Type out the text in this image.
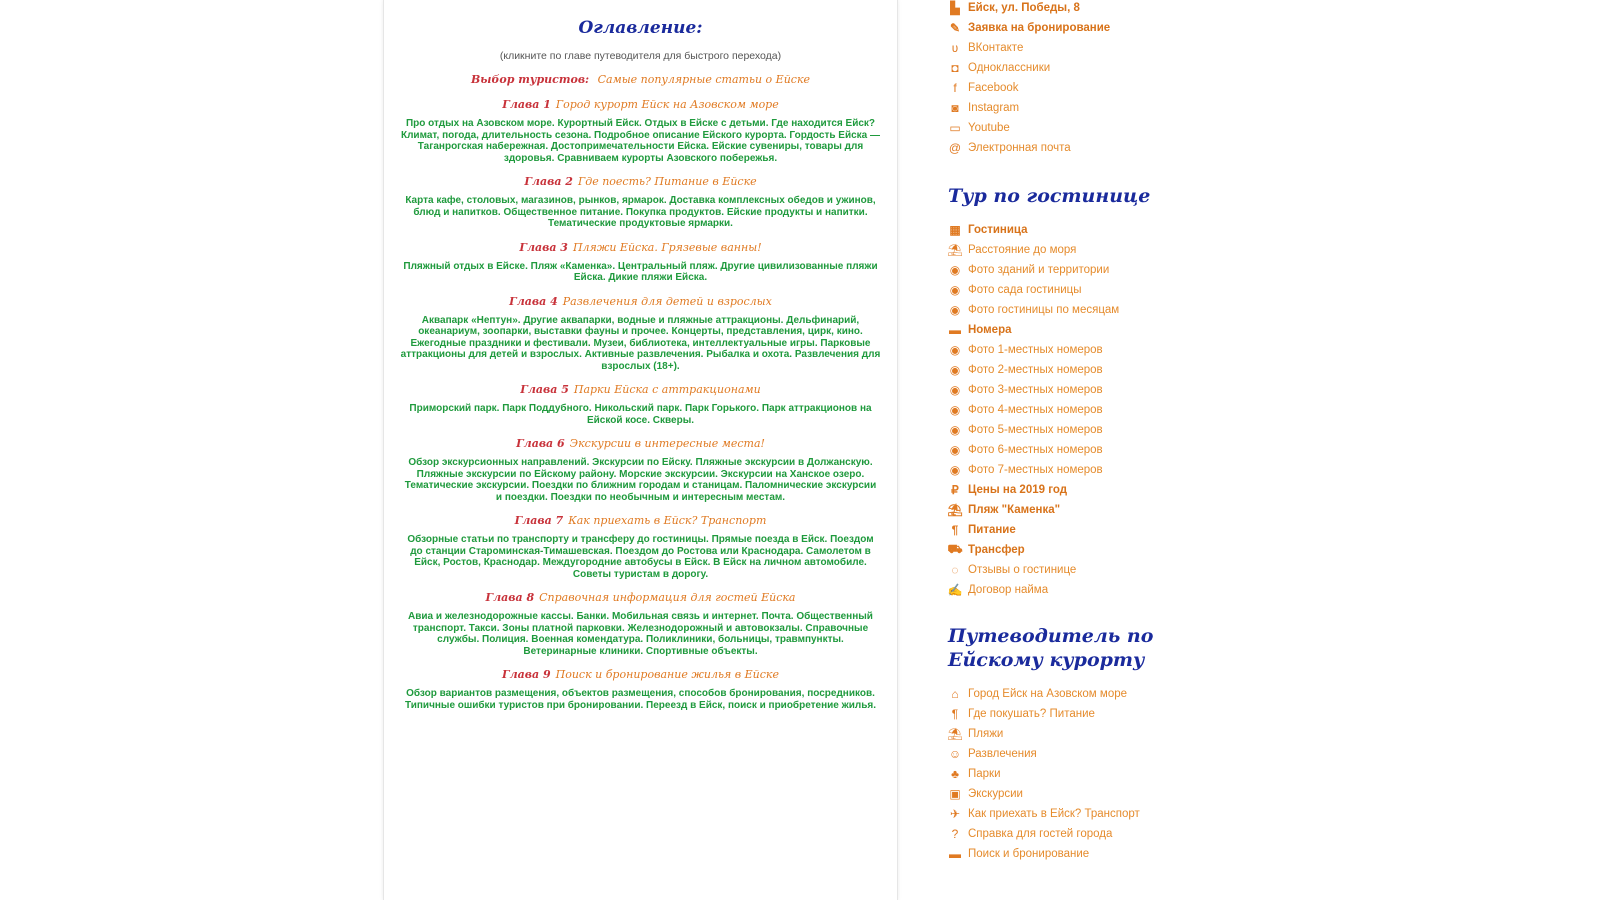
Оглавление:
(кликните по главе путеводителя для быстрого перехода)
Выбор туристов: Самые популярные статьи о Ейске
Глава 1 Город курорт Ейск на Азовском море
Про отдых на Азовском море. Курортный Ейск. Отдых в Ейске с детьми. Где находится Ейск? Климат, погода, длительность сезона. Подробное описание Ейского курорта. Гордость Ейска — Таганрогская набережная. Достопримечательности Ейска. Ейские сувениры, товары для здоровья. Сравниваем курорты Азовского побережья.
Глава 2 Где поесть? Питание в Ейске
Карта кафе, столовых, магазинов, рынков, ярмарок. Доставка комплексных обедов и ужинов, блюд и напитков. Общественное питание. Покупка продуктов. Ейские продукты и напитки. Тематические продуктовые ярмарки.
Глава 3 Пляжи Ейска. Грязевые ванны!
Пляжный отдых в Ейске. Пляж «Каменка». Центральный пляж. Другие цивилизованные пляжи Ейска. Дикие пляжи Ейска.
Глава 4 Развлечения для детей и взрослых
Аквапарк «Нептун». Другие аквапарки, водные и пляжные аттракционы. Дельфинарий, океанариум, зоопарки, выставки фауны и прочее. Концерты, представления, цирк, кино. Ежегодные праздники и фестивали. Музеи, библиотека, интеллектуальные игры. Парковые аттракционы для детей и взрослых. Активные развлечения. Рыбалка и охота. Развлечения для взрослых (18+).
Глава 5 Парки Ейска с аттракционами
Приморский парк. Парк Поддубного. Никольский парк. Парк Горького. Парк аттракционов на Ейской косе. Скверы.
Глава 6 Экскурсии в интересные места!
Обзор экскурсионных направлений. Экскурсии по Ейску. Пляжные экскурсии в Должанскую. Пляжные экскурсии по Ейскому району. Морские экскурсии. Экскурсии на Ханское озеро. Тематические экскурсии. Поездки по ближним городам и станицам. Паломнические экскурсии и поездки. Поездки по необычным и интересным местам.
Глава 7 Как приехать в Ейск? Транспорт
Обзорные статьи по транспорту и трансферу до гостиницы. Прямые поезда в Ейск. Поездом до станции Староминская-Тимашевская. Поездом до Ростова или Краснодара. Самолетом в Ейск, Ростов, Краснодар. Междугородние автобусы в Ейск. В Ейск на личном автомобиле. Советы туристам в дорогу.
Глава 8 Справочная информация для гостей Ейска
Авиа и железнодорожные кассы. Банки. Мобильная связь и интернет. Почта. Общественный транспорт. Такси. Зоны платной парковки. Железнодорожный и автовокзалы. Справочные службы. Полиция. Военная комендатура. Поликлиники, больницы, травмпункты. Ветеринарные клиники. Спортивные объекты.
Глава 9 Поиск и бронирование жилья в Ейске
Обзор вариантов размещения, объектов размещения, способов бронирования, посредников. Типичные ошибки туристов при бронировании. Переезд в Ейск, поиск и приобретение жилья.
▙ Ейск, ул. Победы, 8
✎ Заявка на бронирование
ʋ ВКонтакте
◘ Одноклассники
f Facebook
◙ Instagram
▭ Youtube
@ Электронная почта
Тур по гостинице
▦ Гостиница
⛱ Расстояние до моря
◉ Фото зданий и территории
◉ Фото сада гостиницы
◉ Фото гостиницы по месяцам
▬ Номера
◉ Фото 1-местных номеров
◉ Фото 2-местных номеров
◉ Фото 3-местных номеров
◉ Фото 4-местных номеров
◉ Фото 5-местных номеров
◉ Фото 6-местных номеров
◉ Фото 7-местных номеров
₽ Цены на 2019 год
⛱ Пляж "Каменка"
¶ Питание
⛟ Трансфер
◌ Отзывы о гостинице
✍ Договор найма
Путеводитель по
Ейскому курорту
⌂ Город Ейск на Азовском море
¶ Где покушать? Питание
⛱ Пляжи
☺ Развлечения
♣ Парки
▣ Экскурсии
✈ Как приехать в Ейск? Транспорт
? Справка для гостей города
▬ Поиск и бронирование
